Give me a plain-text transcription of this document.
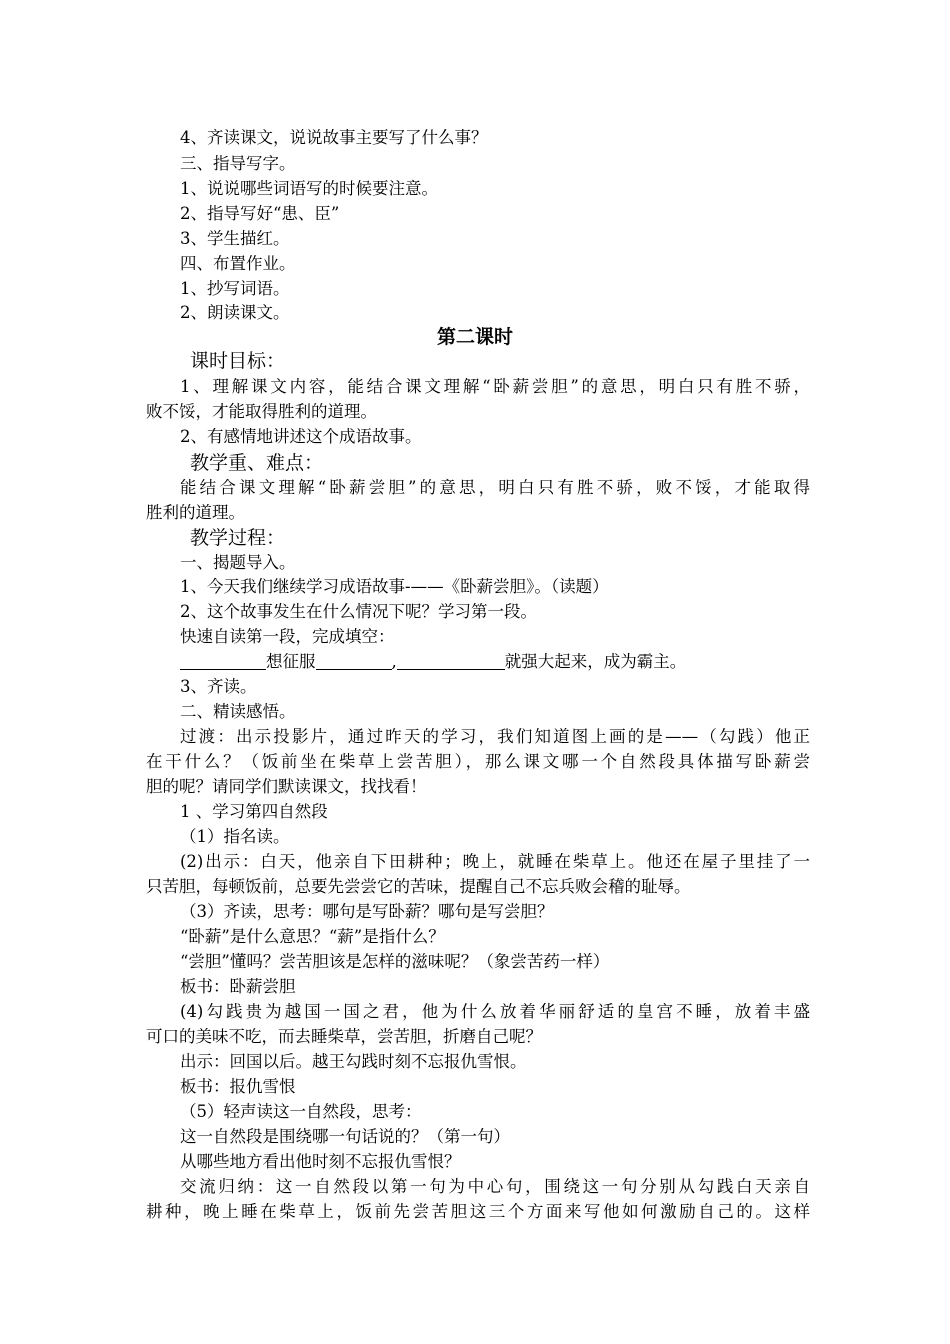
4、齐读课文，说说故事主要写了什么事？
三、指导写字。
1、说说哪些词语写的时候要注意。
2、指导写好“患、臣”
3、学生描红。
四、布置作业。
1、抄写词语。
2、朗读课文。
第二课时
课时目标：
1、理解课文内容，能结合课文理解“卧薪尝胆”的意思，明白只有胜不骄，
败不馁，才能取得胜利的道理。
2、有感情地讲述这个成语故事。
教学重、难点：
能结合课文理解“卧薪尝胆”的意思，明白只有胜不骄，败不馁，才能取得
胜利的道理。
教学过程：
一、揭题导入。
1、今天我们继续学习成语故事-——《卧薪尝胆》。（读题）
2、这个故事发生在什么情况下呢？学习第一段。
快速自读第一段，完成填空：
想征服	,	就强大起来，成为霸主。
3、齐读。
二、精读感悟。
过渡：出示投影片，通过昨天的学习，我们知道图上画的是——（勾践）他正
在干什么？（饭前坐在柴草上尝苦胆），那么课文哪一个自然段具体描写卧薪尝
胆的呢？请同学们默读课文，找找看！
1 、学习第四自然段
（1）指名读。
(2)出示：白天，他亲自下田耕种；晚上，就睡在柴草上。他还在屋子里挂了一
只苦胆，每顿饭前，总要先尝尝它的苦味，提醒自己不忘兵败会稽的耻辱。
（3）齐读，思考：哪句是写卧薪？哪句是写尝胆？
“卧薪”是什么意思？“薪”是指什么？
“尝胆”懂吗？尝苦胆该是怎样的滋味呢？（象尝苦药一样）
板书：卧薪尝胆
(4)勾践贵为越国一国之君，他为什么放着华丽舒适的皇宫不睡，放着丰盛
可口的美味不吃，而去睡柴草，尝苦胆，折磨自己呢？
出示：回国以后。越王勾践时刻不忘报仇雪恨。
板书：报仇雪恨
（5）轻声读这一自然段，思考：
这一自然段是围绕哪一句话说的？（第一句）
从哪些地方看出他时刻不忘报仇雪恨？
交流归纳：这一自然段以第一句为中心句，围绕这一句分别从勾践白天亲自
耕种，晚上睡在柴草上，饭前先尝苦胆这三个方面来写他如何激励自己的。这样
